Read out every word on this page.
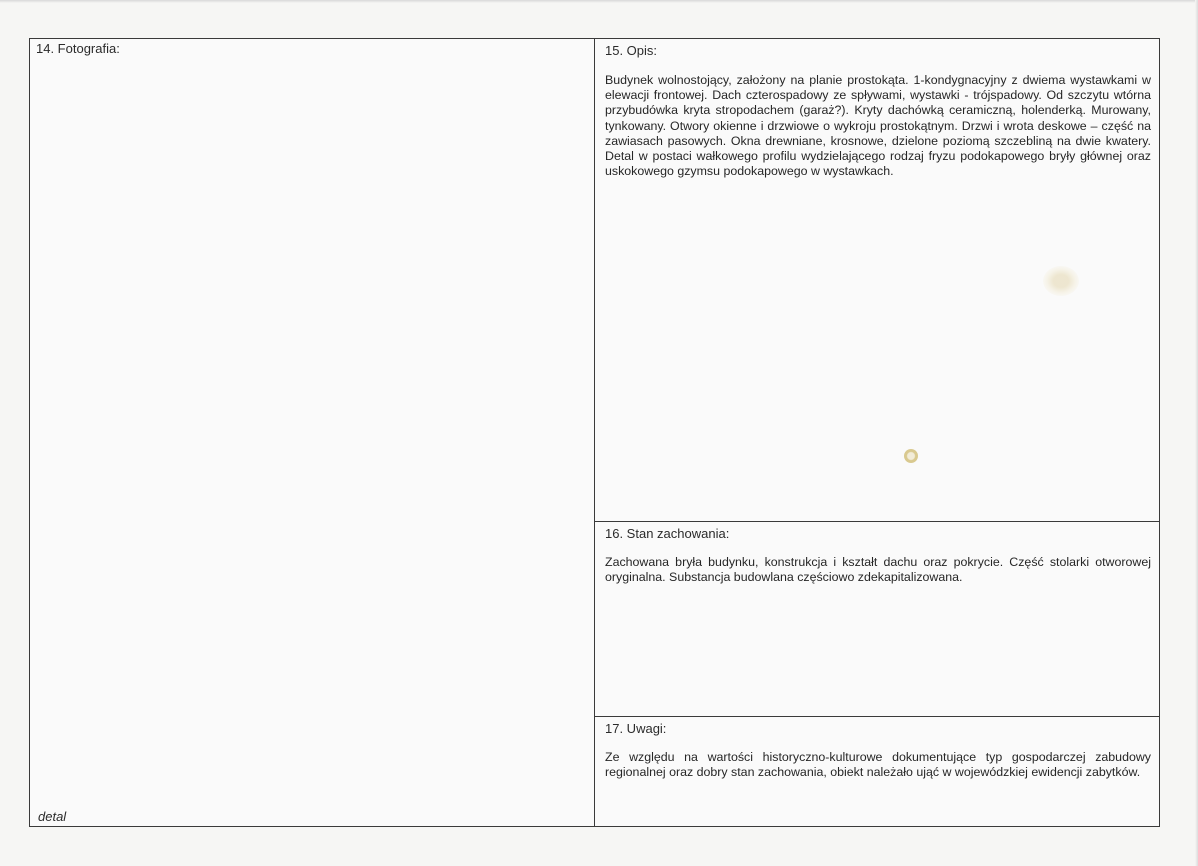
14. Fotografia:
detal
15. Opis:
Budynek wolnostojący, założony na planie prostokąta. 1-kondygnacyjny z dwiema wystawkami w elewacji frontowej. Dach czterospadowy ze spływami, wystawki - trójspadowy. Od szczytu wtórna przybudówka kryta stropodachem (garaż?). Kryty dachówką ceramiczną, holenderką. Murowany, tynkowany. Otwory okienne i drzwiowe o wykroju prostokątnym. Drzwi i wrota deskowe – część na zawiasach pasowych. Okna drewniane, krosnowe, dzielone poziomą szczebliną na dwie kwatery. Detal w postaci wałkowego profilu wydzielającego rodzaj fryzu podokapowego bryły głównej oraz uskokowego gzymsu podokapowego w wystawkach.
16. Stan zachowania:
Zachowana bryła budynku, konstrukcja i kształt dachu oraz pokrycie. Część stolarki otworowej oryginalna. Substancja budowlana częściowo zdekapitalizowana.
17. Uwagi:
Ze względu na wartości historyczno-kulturowe dokumentujące typ gospodarczej zabudowy regionalnej oraz dobry stan zachowania, obiekt należało ująć w wojewódzkiej ewidencji zabytków.
